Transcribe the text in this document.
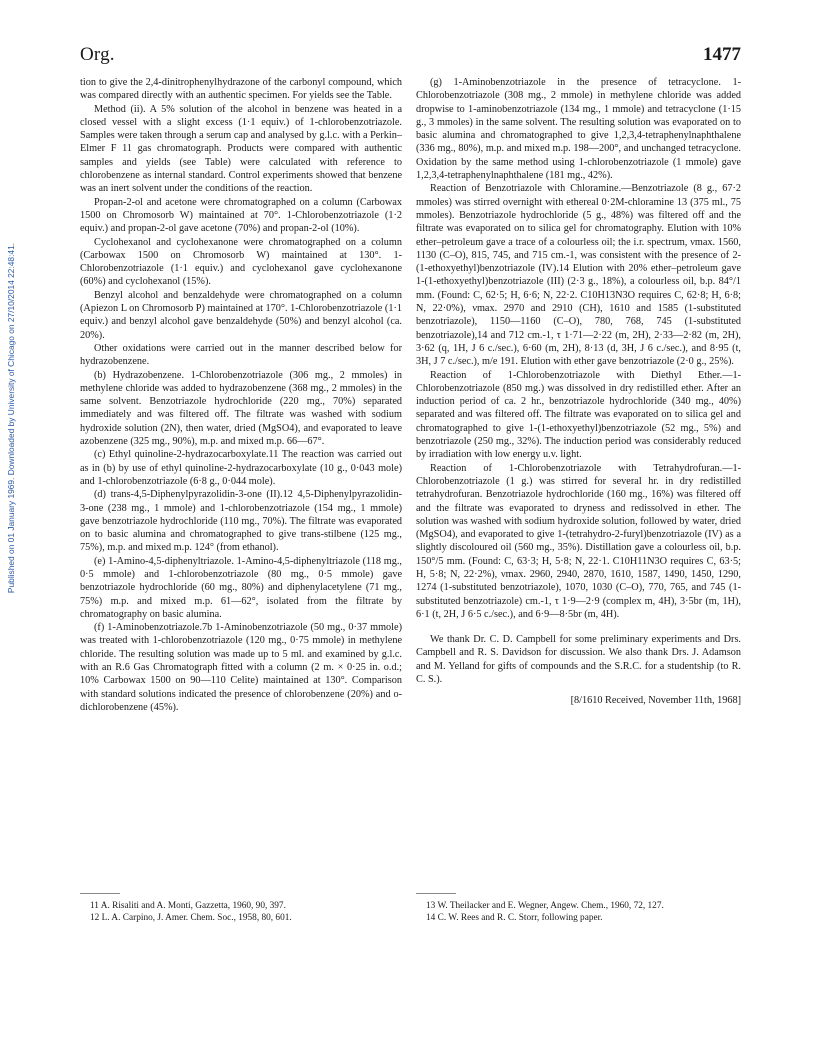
Org.	1477
Published on 01 January 1969. Downloaded by University of Chicago on 27/10/2014 22:48:41.

tion to give the 2,4-dinitrophenylhydrazone of the carbonyl compound, which was compared directly with an authentic specimen. For yields see the Table.

Method (ii). A 5% solution of the alcohol in benzene was heated in a closed vessel with a slight excess (1·1 equiv.) of 1-chlorobenzotriazole. Samples were taken through a serum cap and analysed by g.l.c. with a Perkin–Elmer F 11 gas chromatograph. Products were compared with authentic samples and yields (see Table) were calculated with reference to chlorobenzene as internal standard. Control experiments showed that benzene was an inert solvent under the conditions of the reaction.

Propan-2-ol and acetone were chromatographed on a column (Carbowax 1500 on Chromosorb W) maintained at 70°. 1-Chlorobenzotriazole (1·2 equiv.) and propan-2-ol gave acetone (70%) and propan-2-ol (10%).

Cyclohexanol and cyclohexanone were chromatographed on a column (Carbowax 1500 on Chromosorb W) maintained at 130°. 1-Chlorobenzotriazole (1·1 equiv.) and cyclohexanol gave cyclohexanone (60%) and cyclohexanol (15%).

Benzyl alcohol and benzaldehyde were chromatographed on a column (Apiezon L on Chromosorb P) maintained at 170°. 1-Chlorobenzotriazole (1·1 equiv.) and benzyl alcohol gave benzaldehyde (50%) and benzyl alcohol (ca. 20%).

Other oxidations were carried out in the manner described below for hydrazobenzene.

(b) Hydrazobenzene. 1-Chlorobenzotriazole (306 mg., 2 mmoles) in methylene chloride was added to hydrazobenzene (368 mg., 2 mmoles) in the same solvent. Benzotriazole hydrochloride (220 mg., 70%) separated immediately and was filtered off. The filtrate was washed with sodium hydroxide solution (2N), then water, dried (MgSO4), and evaporated to leave azobenzene (325 mg., 90%), m.p. and mixed m.p. 66—67°.

(c) Ethyl quinoline-2-hydrazocarboxylate.11 The reaction was carried out as in (b) by use of ethyl quinoline-2-hydrazocarboxylate (10 g., 0·043 mole) and 1-chlorobenzotriazole (6·8 g., 0·044 mole).

(d) trans-4,5-Diphenylpyrazolidin-3-one (II).12 4,5-Diphenylpyrazolidin-3-one (238 mg., 1 mmole) and 1-chlorobenzotriazole (154 mg., 1 mmole) gave benzotriazole hydrochloride (110 mg., 70%). The filtrate was evaporated on to basic alumina and chromatographed to give trans-stilbene (125 mg., 75%), m.p. and mixed m.p. 124° (from ethanol).

(e) 1-Amino-4,5-diphenyltriazole. 1-Amino-4,5-diphenyltriazole (118 mg., 0·5 mmole) and 1-chlorobenzotriazole (80 mg., 0·5 mmole) gave benzotriazole hydrochloride (60 mg., 80%) and diphenylacetylene (71 mg., 75%) m.p. and mixed m.p. 61—62°, isolated from the filtrate by chromatography on basic alumina.

(f) 1-Aminobenzotriazole.7b 1-Aminobenzotriazole (50 mg., 0·37 mmole) was treated with 1-chlorobenzotriazole (120 mg., 0·75 mmole) in methylene chloride. The resulting solution was made up to 5 ml. and examined by g.l.c. with an R.6 Gas Chromatograph fitted with a column (2 m. × 0·25 in. o.d.; 10% Carbowax 1500 on 90—110 Celite) maintained at 130°. Comparison with standard solutions indicated the presence of chlorobenzene (20%) and o-dichlorobenzene (45%).

(g) 1-Aminobenzotriazole in the presence of tetracyclone. 1-Chlorobenzotriazole (308 mg., 2 mmole) in methylene chloride was added dropwise to 1-aminobenzotriazole (134 mg., 1 mmole) and tetracyclone (1·15 g., 3 mmoles) in the same solvent. The resulting solution was evaporated on to basic alumina and chromatographed to give 1,2,3,4-tetraphenylnaphthalene (336 mg., 80%), m.p. and mixed m.p. 198—200°, and unchanged tetracyclone. Oxidation by the same method using 1-chlorobenzotriazole (1 mmole) gave 1,2,3,4-tetraphenylnaphthalene (181 mg., 42%).

Reaction of Benzotriazole with Chloramine.—Benzotriazole (8 g., 67·2 mmoles) was stirred overnight with ethereal 0·2M-chloramine 13 (375 ml., 75 mmoles). Benzotriazole hydrochloride (5 g., 48%) was filtered off and the filtrate was evaporated on to silica gel for chromatography. Elution with 10% ether–petroleum gave a trace of a colourless oil; the i.r. spectrum, νmax. 1560, 1130 (C–O), 815, 745, and 715 cm.-1, was consistent with the presence of 2-(1-ethoxyethyl)benzotriazole (IV).14 Elution with 20% ether–petroleum gave 1-(1-ethoxyethyl)benzotriazole (III) (2·3 g., 18%), a colourless oil, b.p. 84°/1 mm. (Found: C, 62·5; H, 6·6; N, 22·2. C10H13N3O requires C, 62·8; H, 6·8; N, 22·0%), νmax. 2970 and 2910 (CH), 1610 and 1585 (1-substituted benzotriazole), 1150—1160 (C–O), 780, 768, 745 (1-substituted benzotriazole),14 and 712 cm.-1, τ 1·71—2·22 (m, 2H), 2·33—2·82 (m, 2H), 3·62 (q, 1H, J 6 c./sec.), 6·60 (m, 2H), 8·13 (d, 3H, J 6 c./sec.), and 8·95 (t, 3H, J 7 c./sec.), m/e 191. Elution with ether gave benzotriazole (2·0 g., 25%).

Reaction of 1-Chlorobenzotriazole with Diethyl Ether.—1-Chlorobenzotriazole (850 mg.) was dissolved in dry redistilled ether. After an induction period of ca. 2 hr., benzotriazole hydrochloride (340 mg., 40%) separated and was filtered off. The filtrate was evaporated on to silica gel and chromatographed to give 1-(1-ethoxyethyl)benzotriazole (52 mg., 5%) and benzotriazole (250 mg., 32%). The induction period was considerably reduced by irradiation with low energy u.v. light.

Reaction of 1-Chlorobenzotriazole with Tetrahydrofuran.—1-Chlorobenzotriazole (1 g.) was stirred for several hr. in dry redistilled tetrahydrofuran. Benzotriazole hydrochloride (160 mg., 16%) was filtered off and the filtrate was evaporated to dryness and redissolved in ether. The solution was washed with sodium hydroxide solution, followed by water, dried (MgSO4), and evaporated to give 1-(tetrahydro-2-furyl)benzotriazole (IV) as a slightly discoloured oil (560 mg., 35%). Distillation gave a colourless oil, b.p. 150°/5 mm. (Found: C, 63·3; H, 5·8; N, 22·1. C10H11N3O requires C, 63·5; H, 5·8; N, 22·2%), νmax. 2960, 2940, 2870, 1610, 1587, 1490, 1450, 1290, 1274 (1-substituted benzotriazole), 1070, 1030 (C–O), 770, 765, and 745 (1-substituted benzotriazole) cm.-1, τ 1·9—2·9 (complex m, 4H), 3·5br (m, 1H), 6·1 (t, 2H, J 6·5 c./sec.), and 6·9—8·5br (m, 4H).

We thank Dr. C. D. Campbell for some preliminary experiments and Drs. Campbell and R. S. Davidson for discussion. We also thank Drs. J. Adamson and M. Yelland for gifts of compounds and the S.R.C. for a studentship (to R. C. S.).

[8/1610 Received, November 11th, 1968]

11 A. Risaliti and A. Monti, Gazzetta, 1960, 90, 397.
12 L. A. Carpino, J. Amer. Chem. Soc., 1958, 80, 601.
13 W. Theilacker and E. Wegner, Angew. Chem., 1960, 72, 127.
14 C. W. Rees and R. C. Storr, following paper.
